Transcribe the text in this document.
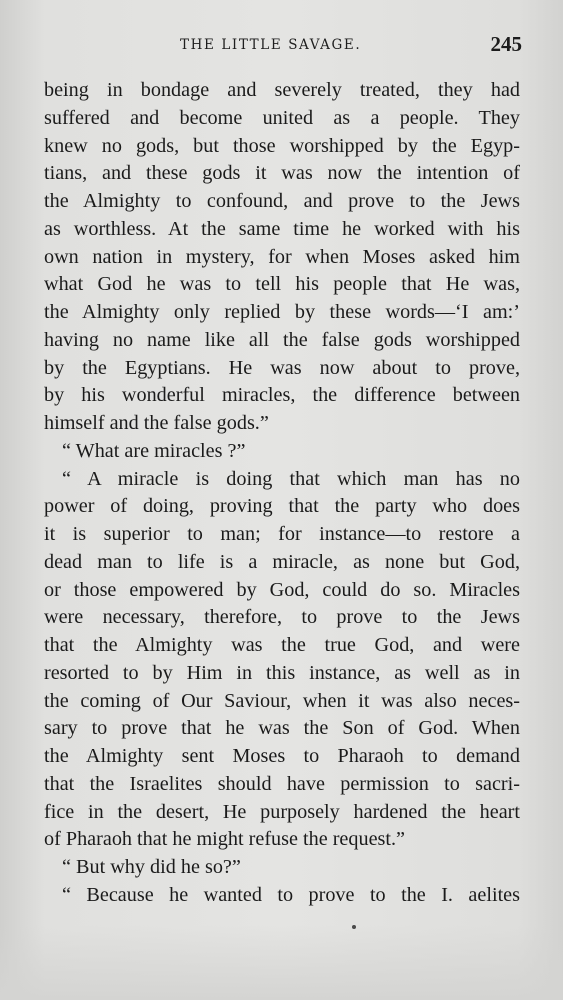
THE LITTLE SAVAGE.	245
being in bondage and severely treated, they had
suffered and become united as a people. They
knew no gods, but those worshipped by the Egyp-
tians, and these gods it was now the intention of
the Almighty to confound, and prove to the Jews
as worthless. At the same time he worked with his
own nation in mystery, for when Moses asked him
what God he was to tell his people that He was,
the Almighty only replied by these words—‘I am:’
having no name like all the false gods worshipped
by the Egyptians. He was now about to prove,
by his wonderful miracles, the difference between
himself and the false gods.”
“ What are miracles ?”
“ A miracle is doing that which man has no
power of doing, proving that the party who does
it is superior to man; for instance—to restore a
dead man to life is a miracle, as none but God,
or those empowered by God, could do so. Miracles
were necessary, therefore, to prove to the Jews
that the Almighty was the true God, and were
resorted to by Him in this instance, as well as in
the coming of Our Saviour, when it was also neces-
sary to prove that he was the Son of God. When
the Almighty sent Moses to Pharaoh to demand
that the Israelites should have permission to sacri-
fice in the desert, He purposely hardened the heart
of Pharaoh that he might refuse the request.”
“ But why did he so?”
“ Because he wanted to prove to the I. aelites
